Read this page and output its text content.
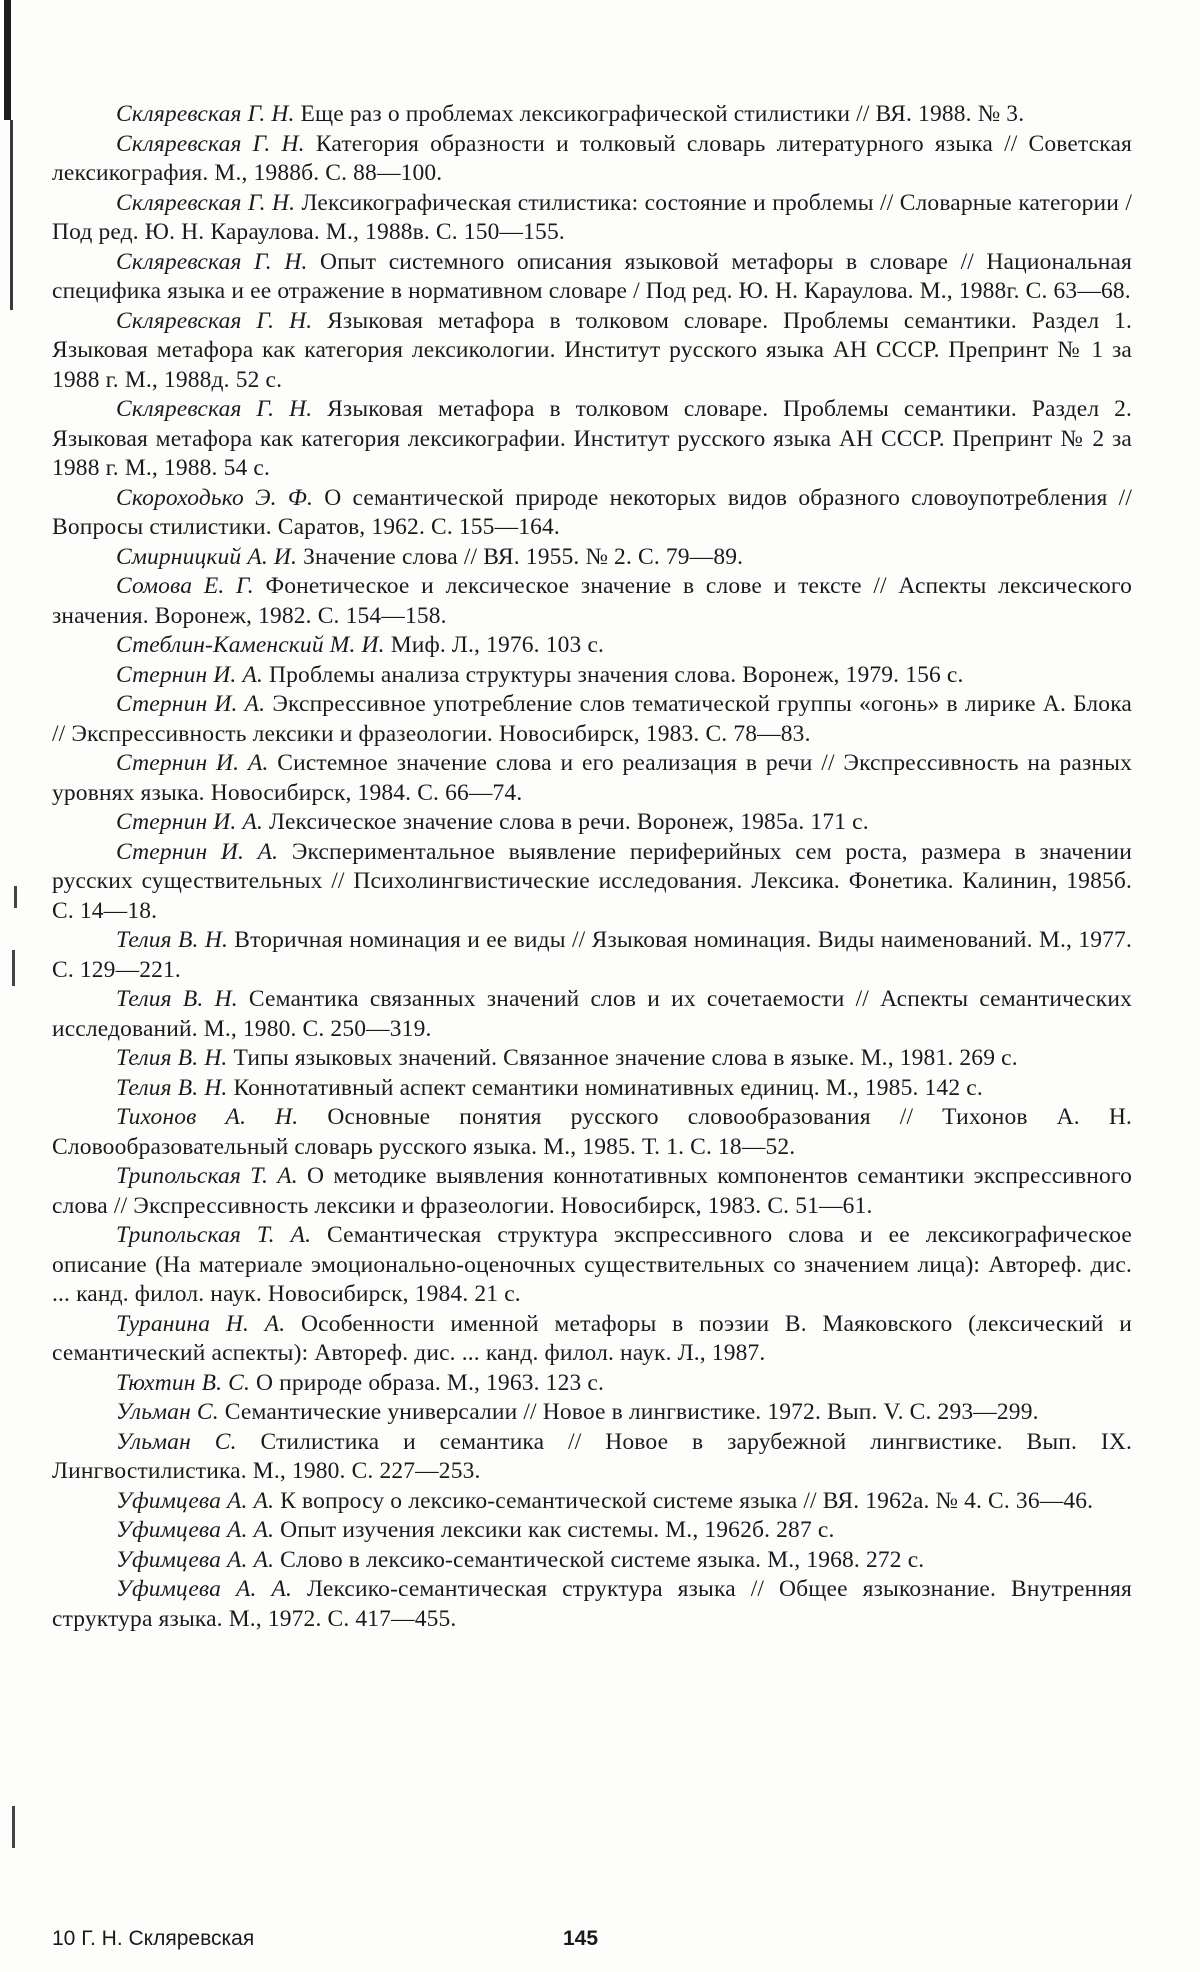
Скляревская Г. Н. Еще раз о проблемах лексикографической стилистики // ВЯ. 1988. № 3.

Скляревская Г. Н. Категория образности и толковый словарь литературного языка // Советская лексикография. М., 1988б. С. 88—100.

Скляревская Г. Н. Лексикографическая стилистика: состояние и проблемы // Словарные категории / Под ред. Ю. Н. Караулова. М., 1988в. С. 150—155.

Скляревская Г. Н. Опыт системного описания языковой метафоры в словаре // Национальная специфика языка и ее отражение в нормативном словаре / Под ред. Ю. Н. Караулова. М., 1988г. С. 63—68.

Скляревская Г. Н. Языковая метафора в толковом словаре. Проблемы семантики. Раздел 1. Языковая метафора как категория лексикологии. Институт русского языка АН СССР. Препринт № 1 за 1988 г. М., 1988д. 52 с.

Скляревская Г. Н. Языковая метафора в толковом словаре. Проблемы семантики. Раздел 2. Языковая метафора как категория лексикографии. Институт русского языка АН СССР. Препринт № 2 за 1988 г. М., 1988. 54 с.

Скороходько Э. Ф. О семантической природе некоторых видов образного словоупотребления // Вопросы стилистики. Саратов, 1962. С. 155—164.

Смирницкий А. И. Значение слова // ВЯ. 1955. № 2. С. 79—89.

Сомова Е. Г. Фонетическое и лексическое значение в слове и тексте // Аспекты лексического значения. Воронеж, 1982. С. 154—158.

Стеблин-Каменский М. И. Миф. Л., 1976. 103 с.

Стернин И. А. Проблемы анализа структуры значения слова. Воронеж, 1979. 156 с.

Стернин И. А. Экспрессивное употребление слов тематической группы «огонь» в лирике А. Блока // Экспрессивность лексики и фразеологии. Новосибирск, 1983. С. 78—83.

Стернин И. А. Системное значение слова и его реализация в речи // Экспрессивность на разных уровнях языка. Новосибирск, 1984. С. 66—74.

Стернин И. А. Лексическое значение слова в речи. Воронеж, 1985а. 171 с.

Стернин И. А. Экспериментальное выявление периферийных сем роста, размера в значении русских существительных // Психолингвистические исследования. Лексика. Фонетика. Калинин, 1985б. С. 14—18.

Телия В. Н. Вторичная номинация и ее виды // Языковая номинация. Виды наименований. М., 1977. С. 129—221.

Телия В. Н. Семантика связанных значений слов и их сочетаемости // Аспекты семантических исследований. М., 1980. С. 250—319.

Телия В. Н. Типы языковых значений. Связанное значение слова в языке. М., 1981. 269 с.

Телия В. Н. Коннотативный аспект семантики номинативных единиц. М., 1985. 142 с.

Тихонов А. Н. Основные понятия русского словообразования // Тихонов А. Н. Словообразовательный словарь русского языка. М., 1985. Т. 1. С. 18—52.

Трипольская Т. А. О методике выявления коннотативных компонентов семантики экспрессивного слова // Экспрессивность лексики и фразеологии. Новосибирск, 1983. С. 51—61.

Трипольская Т. А. Семантическая структура экспрессивного слова и ее лексикографическое описание (На материале эмоционально-оценочных существительных со значением лица): Автореф. дис. ... канд. филол. наук. Новосибирск, 1984. 21 с.

Туранина Н. А. Особенности именной метафоры в поэзии В. Маяковского (лексический и семантический аспекты): Автореф. дис. ... канд. филол. наук. Л., 1987.

Тюхтин В. С. О природе образа. М., 1963. 123 с.

Ульман С. Семантические универсалии // Новое в лингвистике. 1972. Вып. V. С. 293—299.

Ульман С. Стилистика и семантика // Новое в зарубежной лингвистике. Вып. IX. Лингвостилистика. М., 1980. С. 227—253.

Уфимцева А. А. К вопросу о лексико-семантической системе языка // ВЯ. 1962а. № 4. С. 36—46.

Уфимцева А. А. Опыт изучения лексики как системы. М., 1962б. 287 с.

Уфимцева А. А. Слово в лексико-семантической системе языка. М., 1968. 272 с.

Уфимцева А. А. Лексико-семантическая структура языка // Общее языкознание. Внутренняя структура языка. М., 1972. С. 417—455.

10 Г. Н. Скляревская	145
